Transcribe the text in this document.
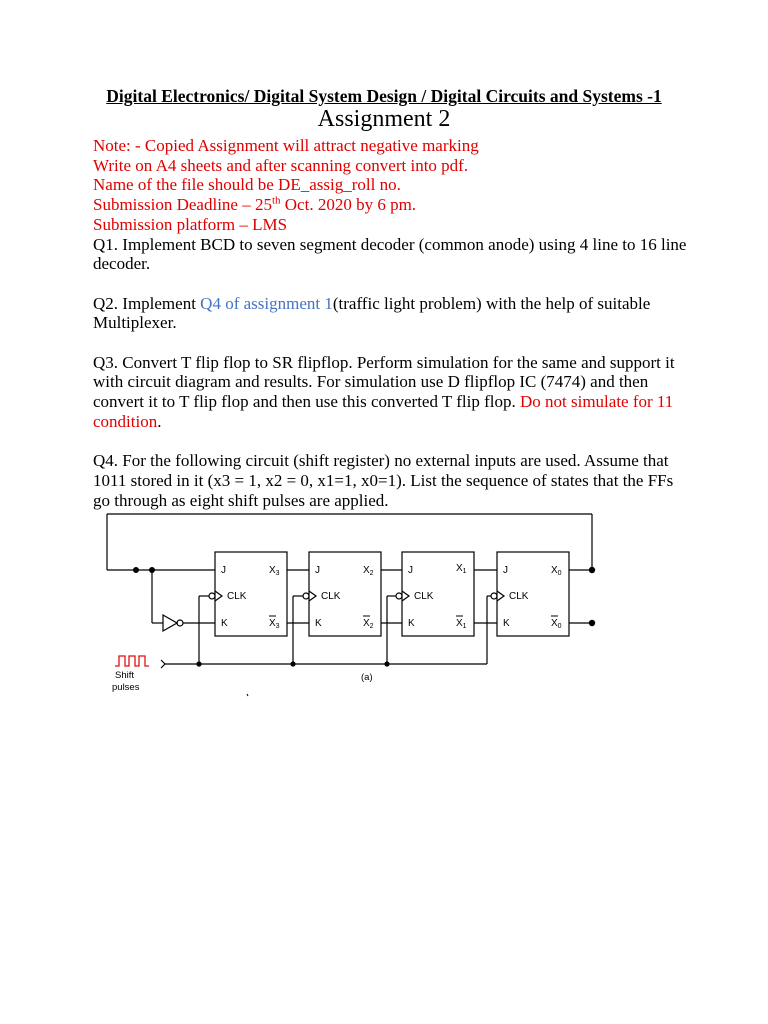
Digital Electronics/ Digital System Design / Digital Circuits and Systems -1
Assignment 2

Note: - Copied Assignment will attract negative marking

Write on A4 sheets and after scanning convert into pdf.

Name of the file should be DE_assig_roll no.

Submission Deadline – 25th Oct. 2020 by 6 pm.

Submission platform – LMS

Q1. Implement BCD to seven segment decoder (common anode) using 4 line to 16 line decoder.

Q2. Implement Q4 of assignment 1(traffic light problem) with the help of suitable Multiplexer.

Q3. Convert T flip flop to SR flipflop. Perform simulation for the same and support it with circuit diagram and results. For simulation use D flipflop IC (7474) and then convert it to T flip flop and then use this converted T flip flop. Do not simulate for 11 condition.

Q4. For the following circuit (shift register) no external inputs are used. Assume that 1011 stored in it (x3 = 1, x2 = 0, x1=1, x0=1). List the sequence of states that the FFs go through as eight shift pulses are applied.

J	J	J	J
K	K	K	K
CLK	CLK	CLK	CLK
$X_3$	$X_2$	$X_1$	$X_0$
$X_3$	$X_2$	$X_1$	$X_0$
Shift
pulses
(a)
